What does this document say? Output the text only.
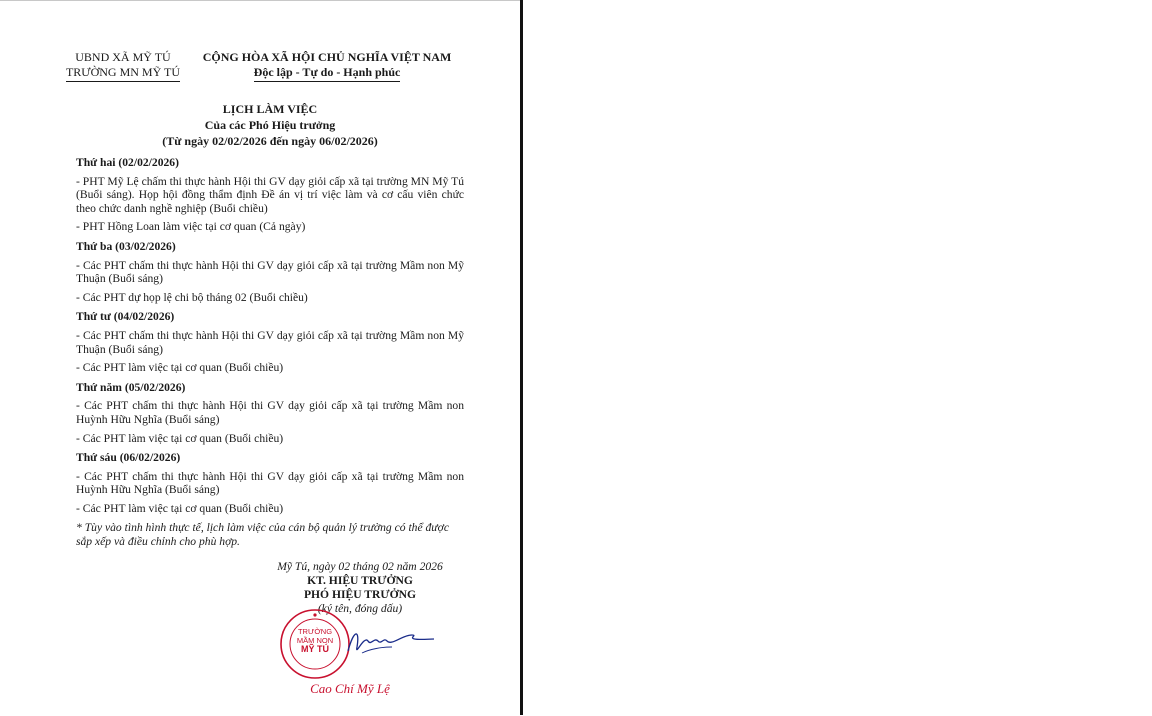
UBND XÃ MỸ TÚ
TRƯỜNG MN MỸ TÚ
CỘNG HÒA XÃ HỘI CHỦ NGHĨA VIỆT NAM
Độc lập - Tự do - Hạnh phúc
LỊCH LÀM VIỆC
Của các Phó Hiệu trưởng
(Từ ngày 02/02/2026 đến ngày 06/02/2026)
Thứ hai (02/02/2026)
- PHT Mỹ Lệ chấm thi thực hành Hội thi GV dạy giỏi cấp xã tại trường MN Mỹ Tú (Buổi sáng). Họp hội đồng thẩm định Đề án vị trí việc làm và cơ cấu viên chức theo chức danh nghề nghiệp (Buổi chiều)
- PHT Hồng Loan làm việc tại cơ quan (Cả ngày)
Thứ ba (03/02/2026)
- Các PHT chấm thi thực hành Hội thi GV dạy giỏi cấp xã tại trường Mầm non Mỹ Thuận (Buổi sáng)
- Các PHT dự họp lệ chi bộ tháng 02 (Buổi chiều)
Thứ tư (04/02/2026)
- Các PHT chấm thi thực hành Hội thi GV dạy giỏi cấp xã tại trường Mầm non Mỹ Thuận (Buổi sáng)
- Các PHT làm việc tại cơ quan (Buổi chiều)
Thứ năm (05/02/2026)
- Các PHT chấm thi thực hành Hội thi GV dạy giỏi cấp xã tại trường Mầm non Huỳnh Hữu Nghĩa (Buổi sáng)
- Các PHT làm việc tại cơ quan (Buổi chiều)
Thứ sáu (06/02/2026)
- Các PHT chấm thi thực hành Hội thi GV dạy giỏi cấp xã tại trường Mầm non Huỳnh Hữu Nghĩa (Buổi sáng)
- Các PHT làm việc tại cơ quan (Buổi chiều)
* Tùy vào tình hình thực tế, lịch làm việc của cán bộ quản lý trường có thể được sắp xếp và điều chỉnh cho phù hợp.
Mỹ Tú, ngày 02 tháng 02 năm 2026
KT. HIỆU TRƯỞNG
PHÓ HIỆU TRƯỞNG
(ký tên, đóng dấu)
TRƯỜNG
MẦM NON
MỸ TÚ
Cao Chí Mỹ Lệ
